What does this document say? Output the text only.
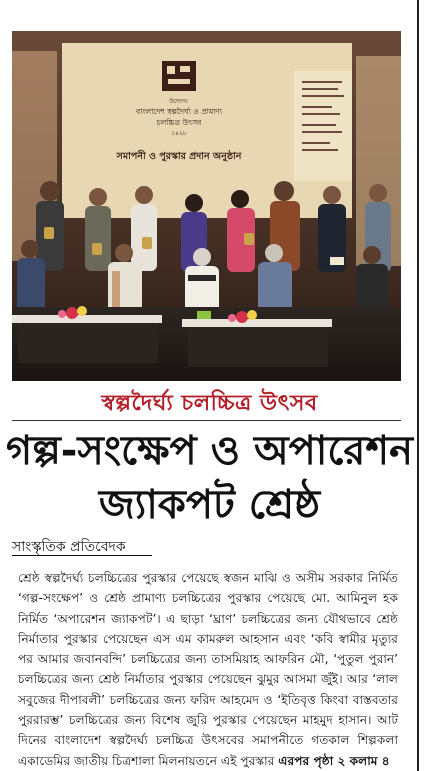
উদ্যোগ:
বাংলাদেশ স্বল্পদৈর্ঘ্য ও প্রামাণ্য
চলচ্চিত্র উৎসব
১৪২৮
সমাপনী ও পুরস্কার প্রদান অনুষ্ঠান
স্বল্পদৈর্ঘ্য চলচ্চিত্র উৎসব
গল্প-সংক্ষেপ ও অপারেশন
জ্যাকপট শ্রেষ্ঠ
সাংস্কৃতিক প্রতিবেদক

শ্রেষ্ঠ স্বল্পদৈর্ঘ্য চলচ্চিত্রের পুরস্কার পেয়েছে স্বজন মাঝি ও অসীম সরকার নির্মিত ‘গল্প-সংক্ষেপ’ ও শ্রেষ্ঠ প্রামাণ্য চলচ্চিত্রের পুরস্কার পেয়েছে মো. আমিনুল হক নির্মিত ‘অপারেশন জ্যাকপট’। এ ছাড়া ‘ঘ্রাণ’ চলচ্চিত্রের জন্য যৌথভাবে শ্রেষ্ঠ নির্মাতার পুরস্কার পেয়েছেন এস এম কামরুল আহসান এবং ‘কবি স্বামীর মৃত্যুর পর আমার জবানবন্দি’ চলচ্চিত্রের জন্য তাসমিয়াহ আফরিন মৌ, ‘পুতুল পুরান’ চলচ্চিত্রের জন্য শ্রেষ্ঠ নির্মাতার পুরস্কার পেয়েছেন ঝুমুর আসমা জুঁই। আর ‘লাল সবুজের দীপাবলী’ চলচ্চিত্রের জন্য ফরিদ আহমেদ ও ‘ইতিবৃত্ত কিংবা বাস্তবতার পুররারম্ভ’ চলচ্চিত্রের জন্য বিশেষ জুরি পুরস্কার পেয়েছেন মাহমুদ হাসান। আট দিনের বাংলাদেশ স্বল্পদৈর্ঘ্য চলচ্চিত্র উৎসবের সমাপনীতে গতকাল শিল্পকলা একাডেমির জাতীয় চিত্রশালা মিলনায়তনে এই পুরস্কার এরপর পৃষ্ঠা ২ কলাম ৪
